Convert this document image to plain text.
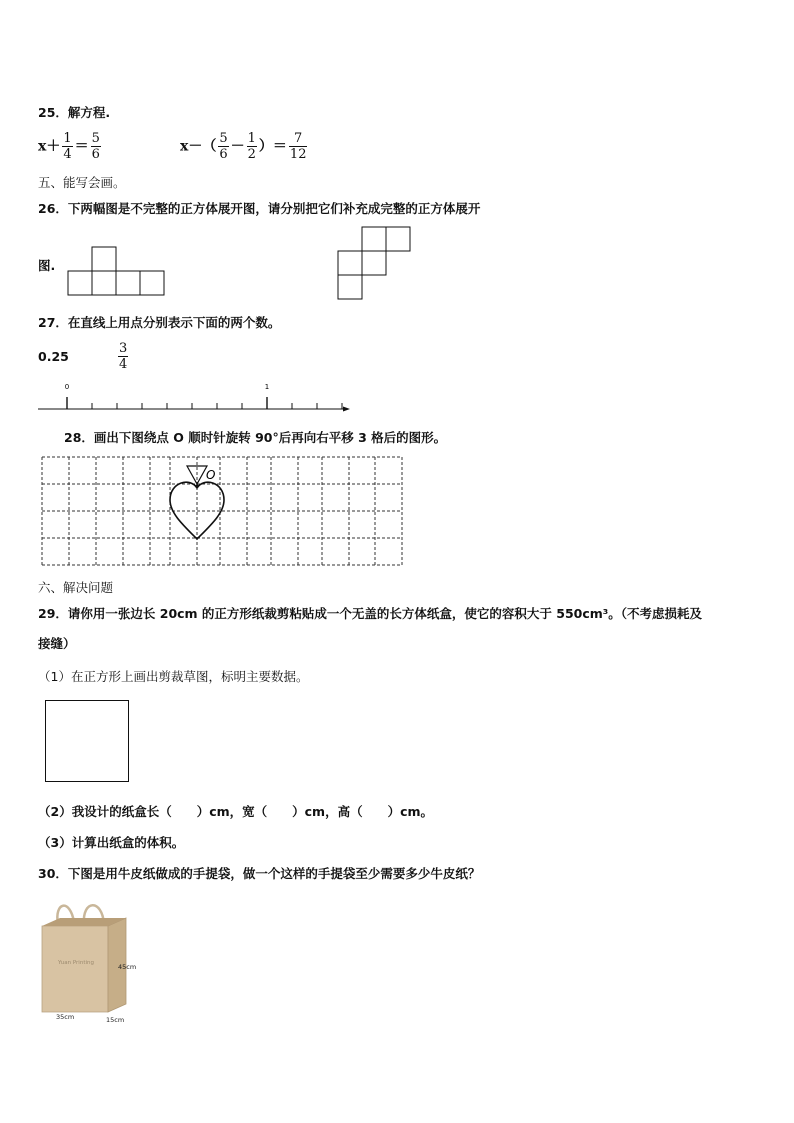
25．解方程.
$x+ \frac{1}{4} = \frac{5}{6}$	$x-( \frac{5}{6} - \frac{1}{2}$ ）＝ $\frac{7}{12}$
五、能写会画。
26．下两幅图是不完整的正方体展开图，请分别把它们补充成完整的正方体展开
图.
27．在直线上用点分别表示下面的两个数。
0.25	$\frac{3}{4}$
0	1
28．画出下图绕点 O 顺时针旋转 90°后再向右平移 3 格后的图形。
O
六、解决问题
29．请你用一张边长 20cm 的正方形纸裁剪粘贴成一个无盖的长方体纸盒，使它的容积大于 550cm³。（不考虑损耗及
接缝）
（1）在正方形上画出剪裁草图，标明主要数据。
（2）我设计的纸盒长（　　）cm，宽（　　）cm，高（　　）cm。
（3）计算出纸盒的体积。
30．下图是用牛皮纸做成的手提袋，做一个这样的手提袋至少需要多少牛皮纸？
Yuan Printing	45cm
35cm	15cm
